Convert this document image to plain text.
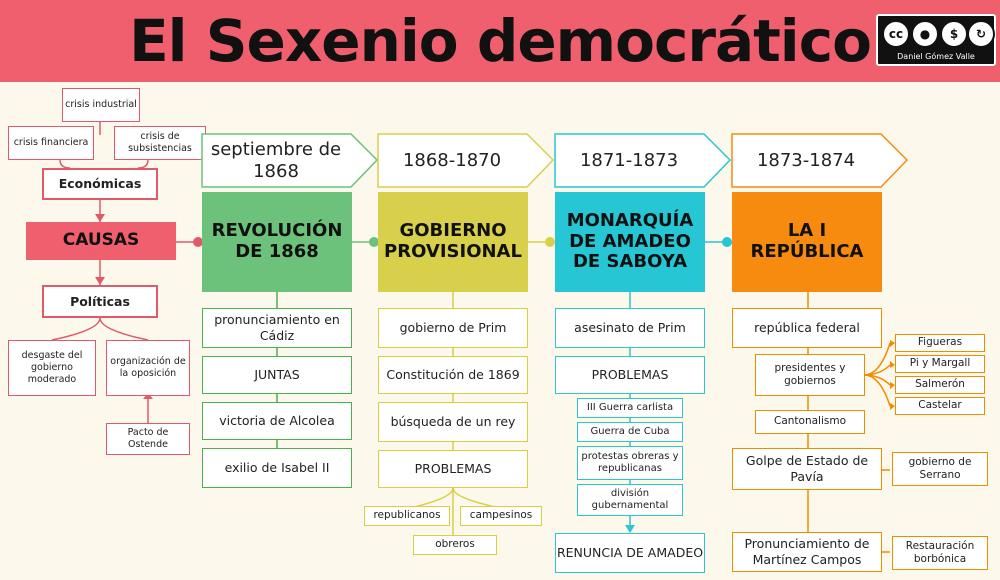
El Sexenio democrático	cc	●	$	↻
Daniel Gómez Valle
crisis industrial
crisis financiera
crisis de subsistencias
Económicas
CAUSAS
Políticas
desgaste del gobierno moderado
organización de la oposición
Pacto de Ostende
septiembre de 1868
1868-1870	1871-1873	1873-1874
REVOLUCIÓN DE 1868
GOBIERNO PROVISIONAL
MONARQUÍA DE AMADEO DE SABOYA
LA I REPÚBLICA
pronunciamiento en Cádiz
JUNTAS
victoria de Alcolea
exilio de Isabel II
gobierno de Prim
Constitución de 1869
búsqueda de un rey
PROBLEMAS
republicanos	campesinos
obreros
asesinato de Prim
PROBLEMAS
III Guerra carlista
Guerra de Cuba
protestas obreras y republicanas
división gubernamental
RENUNCIA DE AMADEO
república federal
presidentes y gobiernos
Cantonalismo
Golpe de Estado de Pavía
Pronunciamiento de Martínez Campos
Figueras
Pi y Margall
Salmerón
Castelar
gobierno de Serrano
Restauración borbónica
